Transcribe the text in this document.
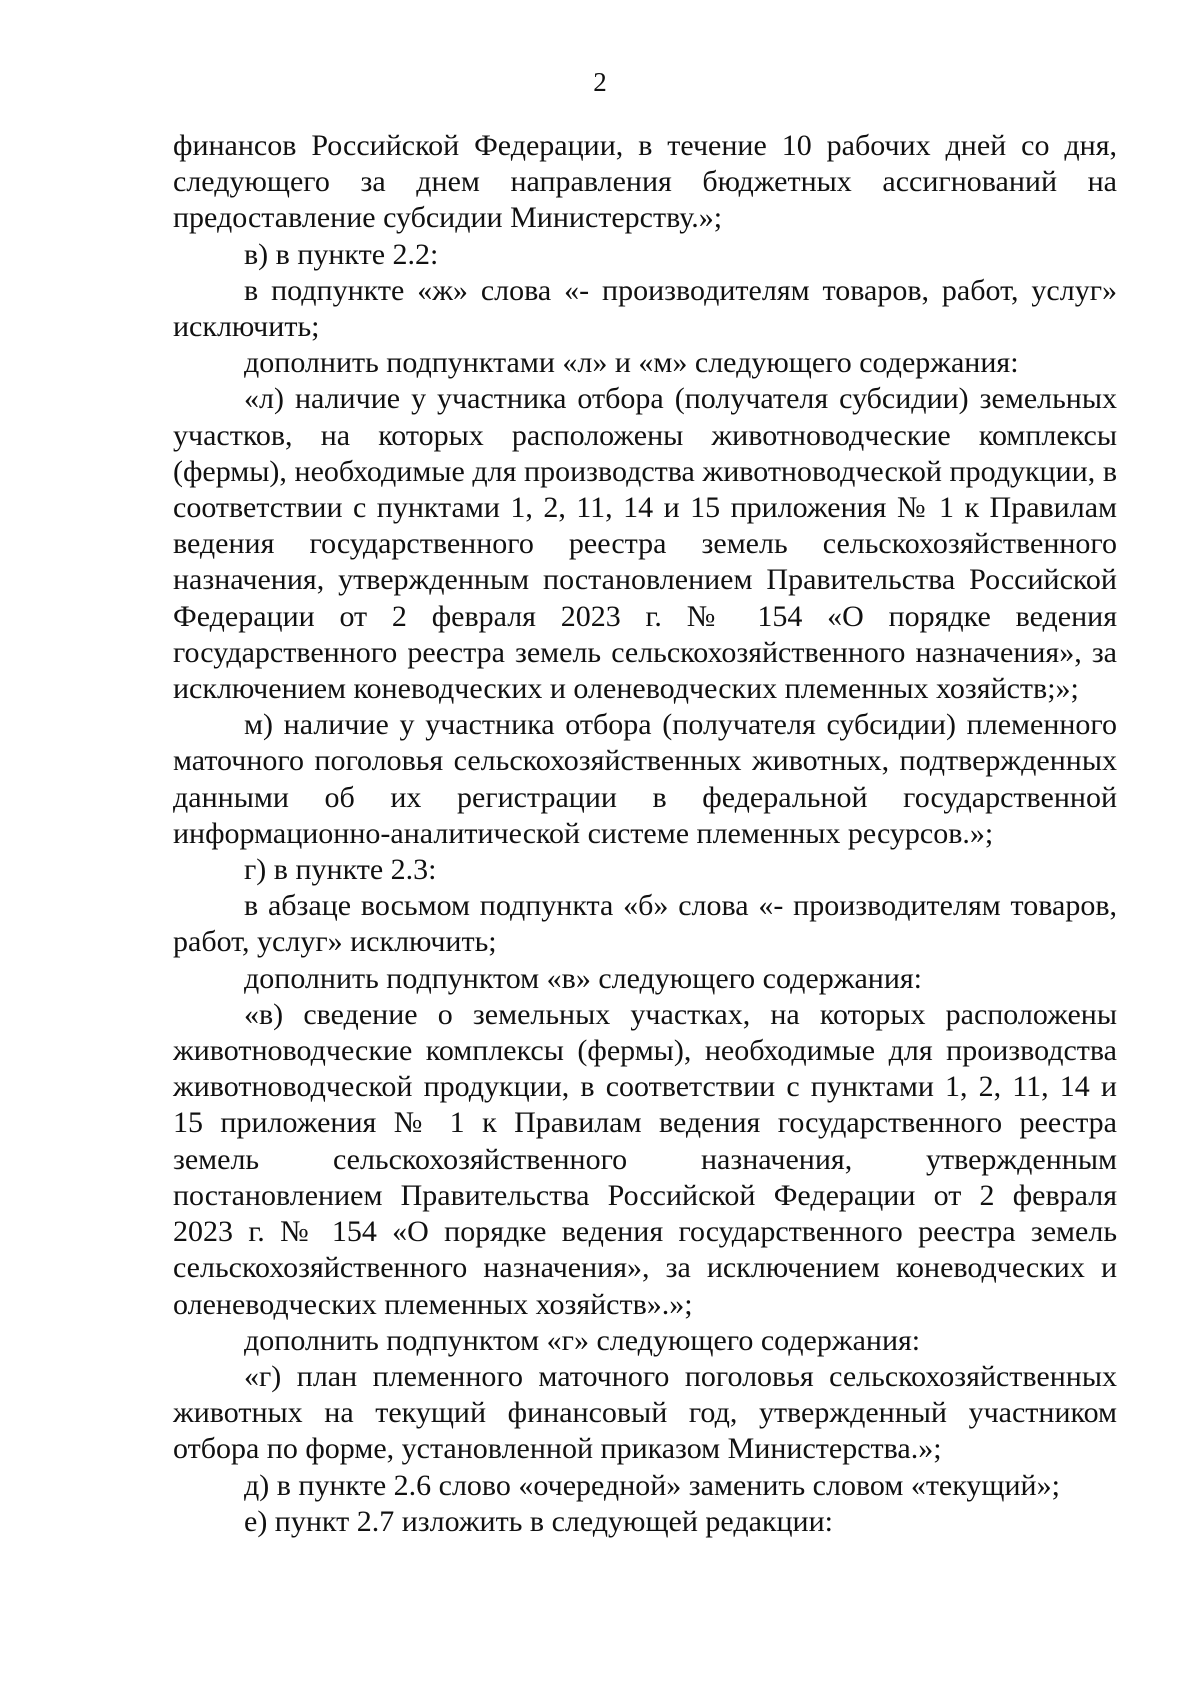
2

финансов Российской Федерации, в течение 10 рабочих дней со дня, следующего за днем направления бюджетных ассигнований на предоставление субсидии Министерству.»;

в) в пункте 2.2:

в подпункте «ж» слова «- производителям товаров, работ, услуг» исключить;

дополнить подпунктами «л» и «м» следующего содержания:

«л) наличие у участника отбора (получателя субсидии) земельных участков, на которых расположены животноводческие комплексы (фермы), необходимые для производства животноводческой продукции, в соответствии с пунктами 1, 2, 11, 14 и 15 приложения № 1 к Правилам ведения государственного реестра земель сельскохозяйственного назначения, утвержденным постановлением Правительства Российской Федерации от 2 февраля 2023 г. № 154 «О порядке ведения государственного реестра земель сельскохозяйственного назначения», за исключением коневодческих и оленеводческих племенных хозяйств;»;

м) наличие у участника отбора (получателя субсидии) племенного маточного поголовья сельскохозяйственных животных, подтвержденных данными об их регистрации в федеральной государственной информационно-аналитической системе племенных ресурсов.»;

г) в пункте 2.3:

в абзаце восьмом подпункта «б» слова «- производителям товаров, работ, услуг» исключить;

дополнить подпунктом «в» следующего содержания:

«в) сведение о земельных участках, на которых расположены животноводческие комплексы (фермы), необходимые для производства животноводческой продукции, в соответствии с пунктами 1, 2, 11, 14 и 15 приложения № 1 к Правилам ведения государственного реестра земель сельскохозяйственного назначения, утвержденным постановлением Правительства Российской Федерации от 2 февраля 2023 г. № 154 «О порядке ведения государственного реестра земель сельскохозяйственного назначения», за исключением коневодческих и оленеводческих племенных хозяйств».»;

дополнить подпунктом «г» следующего содержания:

«г) план племенного маточного поголовья сельскохозяйственных животных на текущий финансовый год, утвержденный участником отбора по форме, установленной приказом Министерства.»;

д) в пункте 2.6 слово «очередной» заменить словом «текущий»;

е) пункт 2.7 изложить в следующей редакции:
